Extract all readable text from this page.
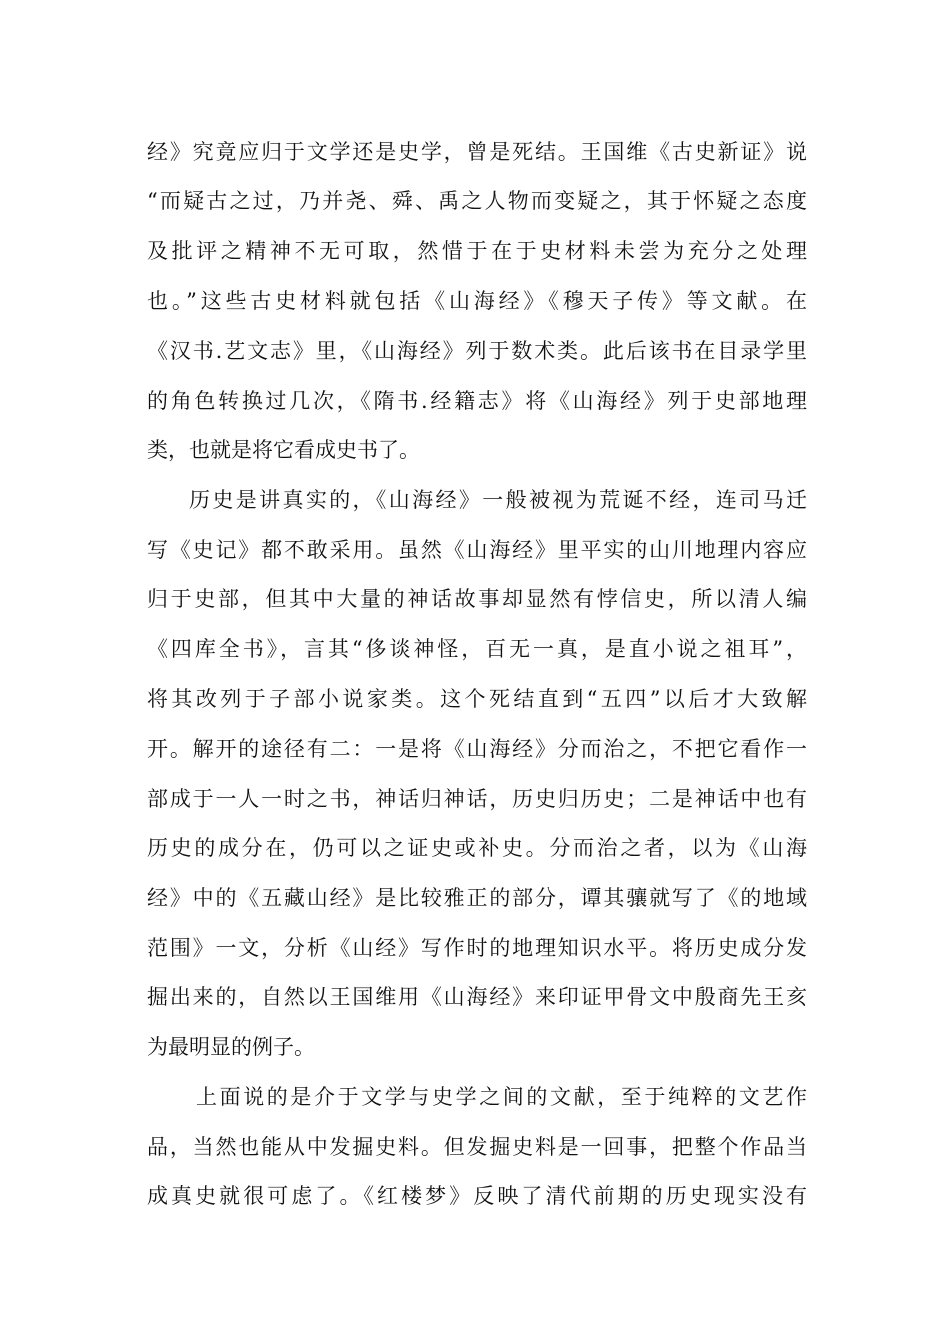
经》究竟应归于文学还是史学，曾是死结。王国维《古史新证》说
“而疑古之过，乃并尧、舜、禹之人物而变疑之，其于怀疑之态度
及批评之精神不无可取，然惜于在于史材料未尝为充分之处理
也。”这些古史材料就包括《山海经》《穆天子传》等文献。在
《汉书.艺文志》里，《山海经》列于数术类。此后该书在目录学里
的角色转换过几次，《隋书.经籍志》将《山海经》列于史部地理
类，也就是将它看成史书了。
历史是讲真实的，《山海经》一般被视为荒诞不经，连司马迁
写《史记》都不敢采用。虽然《山海经》里平实的山川地理内容应
归于史部，但其中大量的神话故事却显然有悖信史，所以清人编
《四库全书》，言其“侈谈神怪，百无一真，是直小说之祖耳”，
将其改列于子部小说家类。这个死结直到“五四”以后才大致解
开。解开的途径有二：一是将《山海经》分而治之，不把它看作一
部成于一人一时之书，神话归神话，历史归历史；二是神话中也有
历史的成分在，仍可以之证史或补史。分而治之者，以为《山海
经》中的《五藏山经》是比较雅正的部分，谭其骧就写了《的地域
范围》一文，分析《山经》写作时的地理知识水平。将历史成分发
掘出来的，自然以王国维用《山海经》来印证甲骨文中殷商先王亥
为最明显的例子。
上面说的是介于文学与史学之间的文献，至于纯粹的文艺作
品，当然也能从中发掘史料。但发掘史料是一回事，把整个作品当
成真史就很可虑了。《红楼梦》反映了清代前期的历史现实没有
